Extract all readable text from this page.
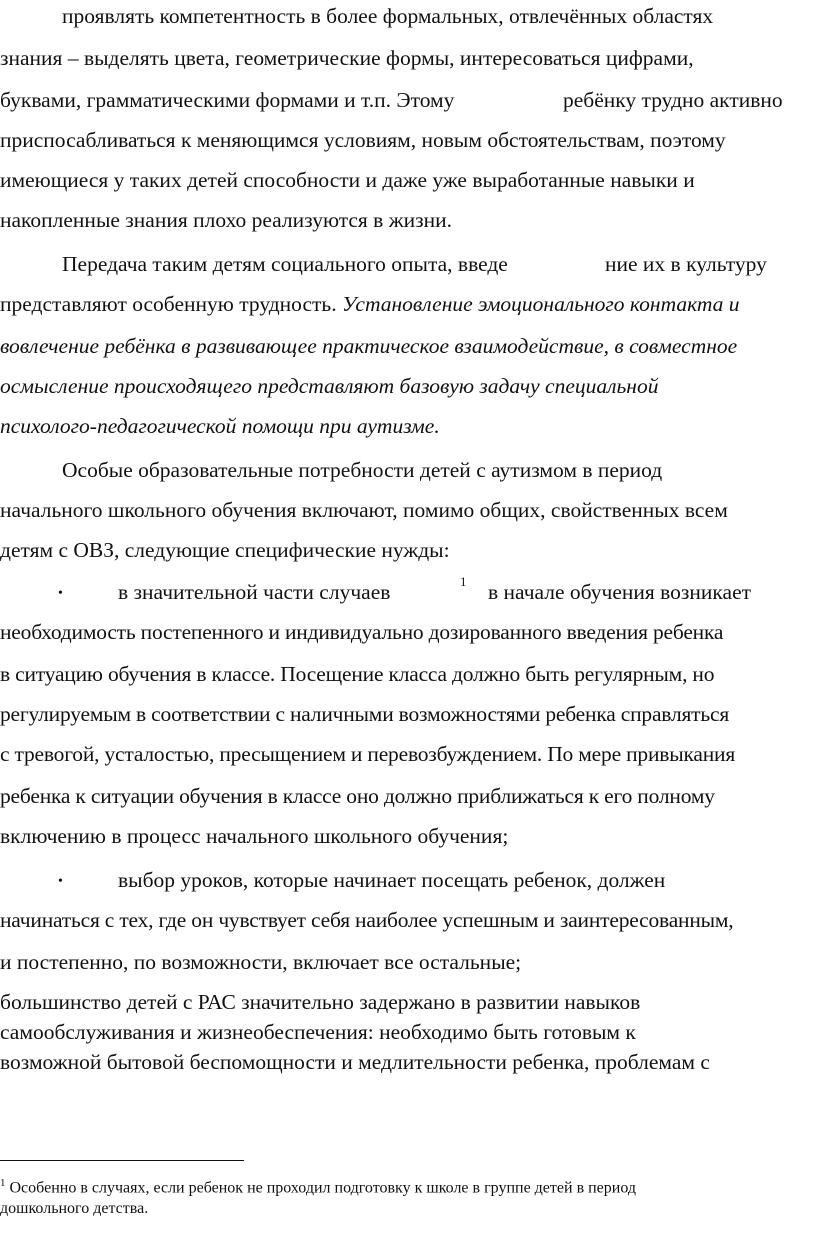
проявлять компетентность в более формальных, отвлечённых областях
знания – выделять цвета, геометрические формы, интересоваться цифрами,
буквами, грамматическими формами и т.п. Этому	ребёнку трудно активно
приспосабливаться к меняющимся условиям, новым обстоятельствам, поэтому
имеющиеся у таких детей способности и даже уже выработанные навыки и
накопленные знания плохо реализуются в жизни.
Передача таким детям социального опыта, введе	ние их в культуру
представляют особенную трудность. Установление эмоционального контакта и
вовлечение ребёнка в развивающее практическое взаимодействие, в совместное
осмысление происходящего представляют базовую задачу специальной
психолого-педагогической помощи при аутизме.
Особые образовательные потребности детей с аутизмом в период
начального школьного обучения включают, помимо общих, свойственных всем
детям с ОВЗ, следующие специфические нужды:
•	в значительной части случаев	1 в начале обучения возникает
необходимость постепенного и индивидуально дозированного введения ребенка
в ситуацию обучения в классе. Посещение класса должно быть регулярным, но
регулируемым в соответствии с наличными возможностями ребенка справляться
с тревогой, усталостью, пресыщением и перевозбуждением. По мере привыкания
ребенка к ситуации обучения в классе оно должно приближаться к его полному
включению в процесс начального школьного обучения;
•	выбор уроков, которые начинает посещать ребенок, должен
начинаться с тех, где он чувствует себя наиболее успешным и заинтересованным,
и постепенно, по возможности, включает все остальные;
большинство детей с РАС значительно задержано в развитии навыков
самообслуживания и жизнеобеспечения: необходимо быть готовым к
возможной бытовой беспомощности и медлительности ребенка, проблемам с
$^1$ Особенно в случаях, если ребенок не проходил подготовку к школе в группе детей в период
дошкольного детства.
